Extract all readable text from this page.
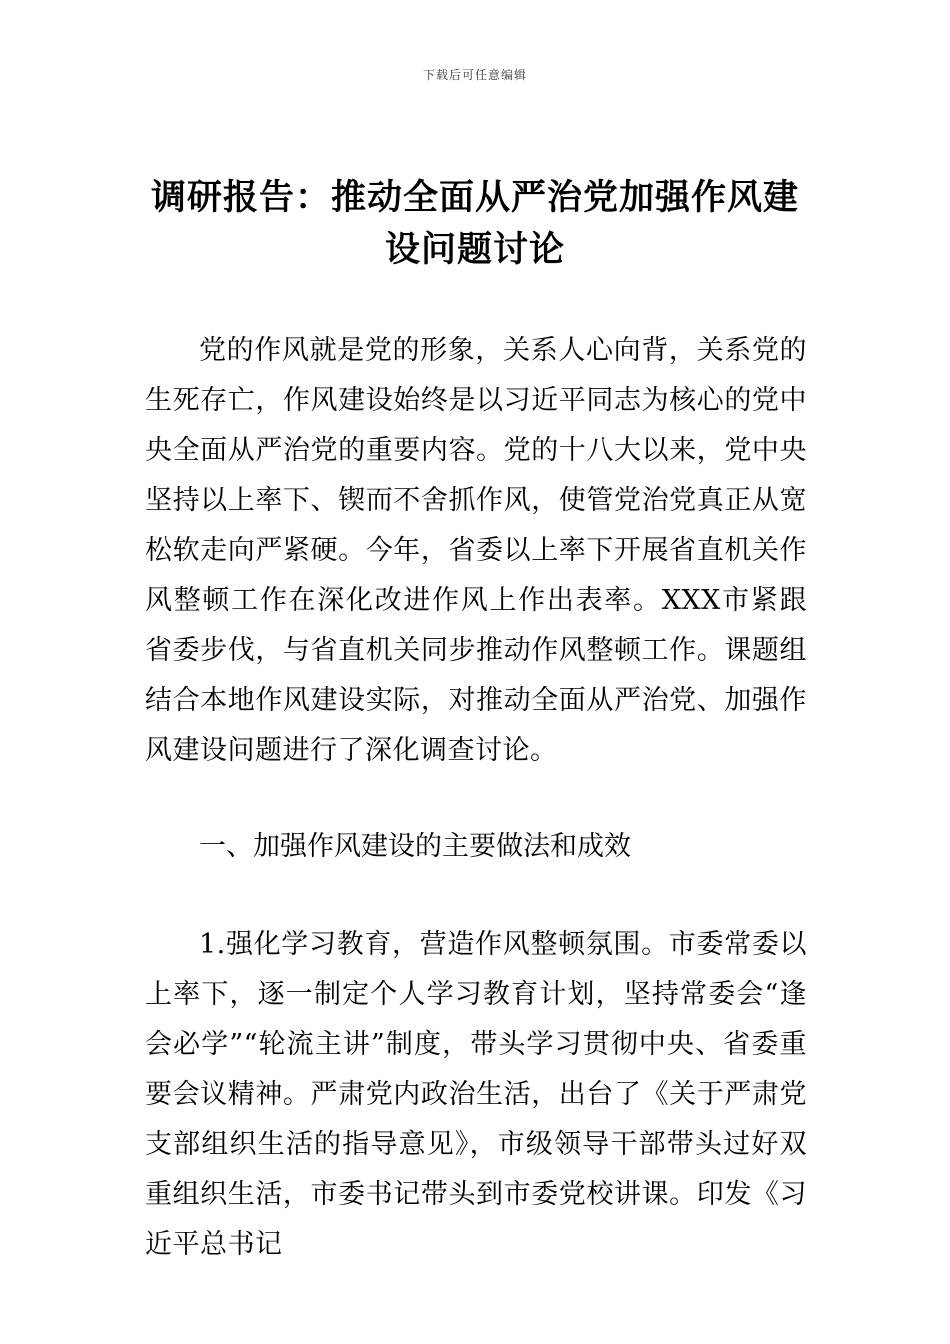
下载后可任意编辑
调研报告：推动全面从严治党加强作风建设问题讨论

党的作风就是党的形象，关系人心向背，关系党的生死存亡，作风建设始终是以习近平同志为核心的党中央全面从严治党的重要内容。党的十八大以来，党中央坚持以上率下、锲而不舍抓作风，使管党治党真正从宽松软走向严紧硬。今年，省委以上率下开展省直机关作风整顿工作在深化改进作风上作出表率。XXX市紧跟省委步伐，与省直机关同步推动作风整顿工作。课题组结合本地作风建设实际，对推动全面从严治党、加强作风建设问题进行了深化调查讨论。

一、加强作风建设的主要做法和成效

1.强化学习教育，营造作风整顿氛围。市委常委以上率下，逐一制定个人学习教育计划，坚持常委会“逢会必学”“轮流主讲”制度，带头学习贯彻中央、省委重要会议精神。严肃党内政治生活，出台了《关于严肃党支部组织生活的指导意见》，市级领导干部带头过好双重组织生活，市委书记带头到市委党校讲课。印发《习近平总书记
